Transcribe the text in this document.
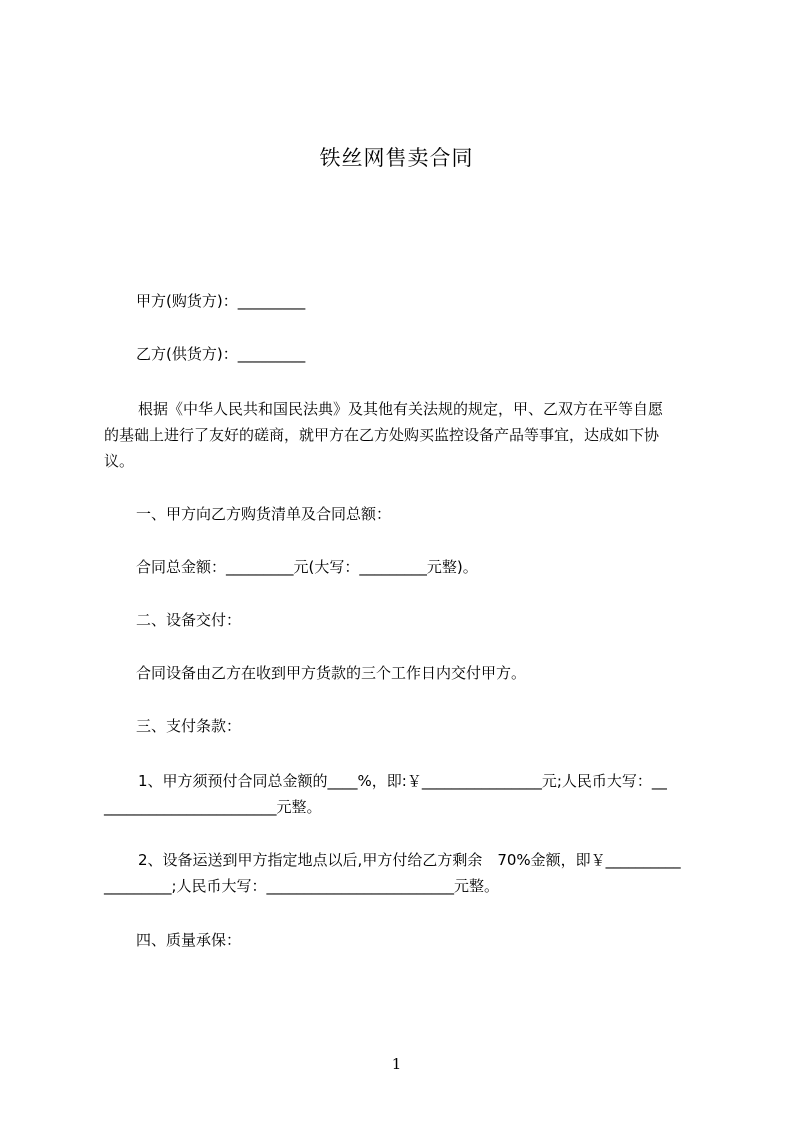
铁丝网售卖合同
甲方(购货方)：_________
乙方(供货方)：_________
根据《中华人民共和国民法典》及其他有关法规的规定，甲、乙双方在平等自愿
的基础上进行了友好的磋商，就甲方在乙方处购买监控设备产品等事宜，达成如下协
议。
一、甲方向乙方购货清单及合同总额：
合同总金额：_________元(大写：_________元整)。
二、设备交付：
合同设备由乙方在收到甲方货款的三个工作日内交付甲方。
三、支付条款：
1、甲方须预付合同总金额的____%，即:￥________________元;人民币大写：__
_______________________元整。
2、设备运送到甲方指定地点以后,甲方付给乙方剩余　70%金额，即￥__________
_________;人民币大写：_________________________元整。
四、质量承保：
1
